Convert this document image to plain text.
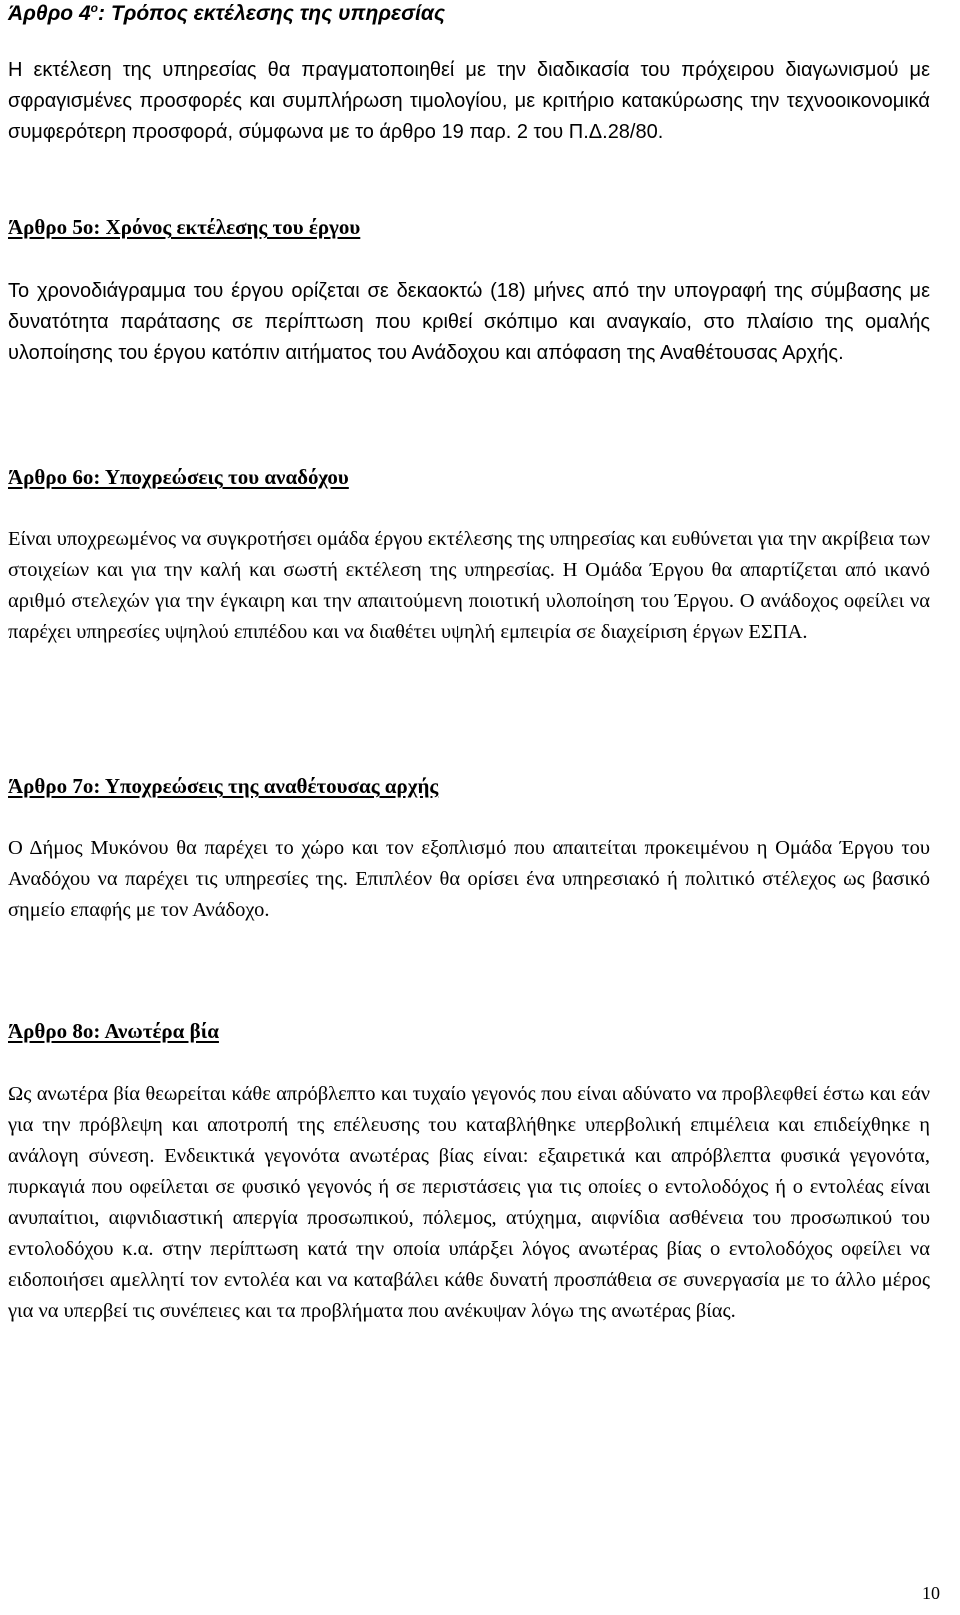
Άρθρο $4^o$: Τρόπος εκτέλεσης της υπηρεσίας

Η εκτέλεση της υπηρεσίας θα πραγματοποιηθεί με την διαδικασία του πρόχειρου διαγωνισμού με σφραγισμένες προσφορές και συμπλήρωση τιμολογίου, με κριτήριο κατακύρωσης την τεχνοοικονομικά συμφερότερη προσφορά, σύμφωνα με το άρθρο 19 παρ. 2 του Π.Δ.28/80.

Άρθρο 5ο: Χρόνος εκτέλεσης του έργου

Το χρονοδιάγραμμα του έργου ορίζεται σε δεκαοκτώ (18) μήνες από την υπογραφή της σύμβασης με δυνατότητα παράτασης σε περίπτωση που κριθεί σκόπιμο και αναγκαίο, στο πλαίσιο της ομαλής υλοποίησης του έργου κατόπιν αιτήματος του Ανάδοχου και απόφαση της Αναθέτουσας Αρχής.

Άρθρο 6ο: Υποχρεώσεις του αναδόχου

Είναι υποχρεωμένος να συγκροτήσει ομάδα έργου εκτέλεσης της υπηρεσίας και ευθύνεται για την ακρίβεια των στοιχείων και για την καλή και σωστή εκτέλεση της υπηρεσίας. Η Ομάδα Έργου θα απαρτίζεται από ικανό αριθμό στελεχών για την έγκαιρη και την απαιτούμενη ποιοτική υλοποίηση του Έργου. Ο ανάδοχος οφείλει να παρέχει υπηρεσίες υψηλού επιπέδου και να διαθέτει υψηλή εμπειρία σε διαχείριση έργων ΕΣΠΑ.

Άρθρο 7ο: Υποχρεώσεις της αναθέτουσας αρχής

Ο Δήμος Μυκόνου θα παρέχει το χώρο και τον εξοπλισμό που απαιτείται προκειμένου η Ομάδα Έργου του Αναδόχου να παρέχει τις υπηρεσίες της. Επιπλέον θα ορίσει ένα υπηρεσιακό ή πολιτικό στέλεχος ως βασικό σημείο επαφής με τον Ανάδοχο.

Άρθρο 8ο: Ανωτέρα βία

Ως ανωτέρα βία θεωρείται κάθε απρόβλεπτο και τυχαίο γεγονός που είναι αδύνατο να προβλεφθεί έστω και εάν για την πρόβλεψη και αποτροπή της επέλευσης του καταβλήθηκε υπερβολική επιμέλεια και επιδείχθηκε η ανάλογη σύνεση. Ενδεικτικά γεγονότα ανωτέρας βίας είναι: εξαιρετικά και απρόβλεπτα φυσικά γεγονότα, πυρκαγιά που οφείλεται σε φυσικό γεγονός ή σε περιστάσεις για τις οποίες ο εντολοδόχος ή ο εντολέας είναι ανυπαίτιοι, αιφνιδιαστική απεργία προσωπικού, πόλεμος, ατύχημα, αιφνίδια ασθένεια του προσωπικού του εντολοδόχου κ.α. στην περίπτωση κατά την οποία υπάρξει λόγος ανωτέρας βίας ο εντολοδόχος οφείλει να ειδοποιήσει αμελλητί τον εντολέα και να καταβάλει κάθε δυνατή προσπάθεια σε συνεργασία με το άλλο μέρος για να υπερβεί τις συνέπειες και τα προβλήματα που ανέκυψαν λόγω της ανωτέρας βίας.

10
